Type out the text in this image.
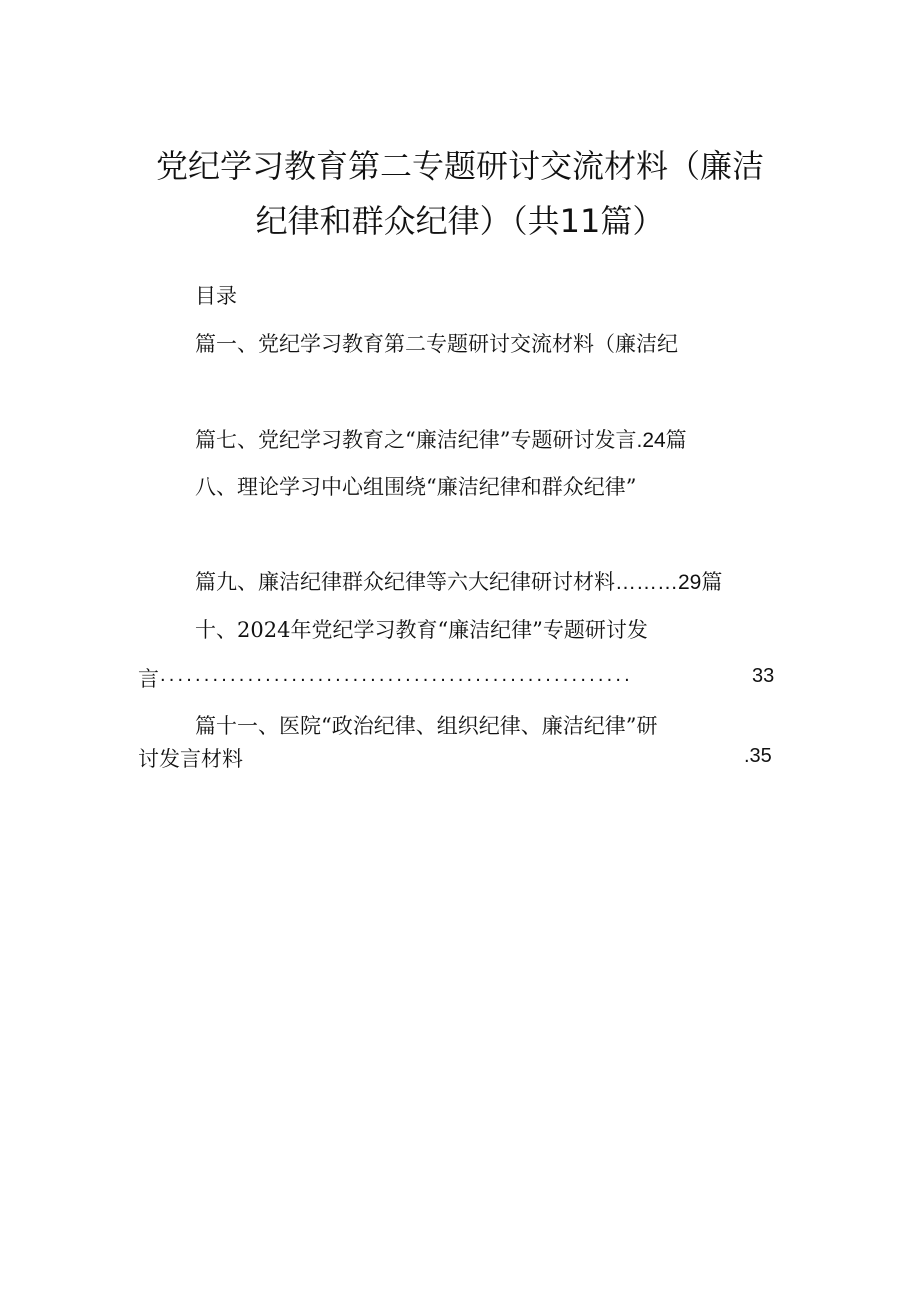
党纪学习教育第二专题研讨交流材料（廉洁
纪律和群众纪律）（共11篇）
目录
篇一、党纪学习教育第二专题研讨交流材料（廉洁纪
篇七、党纪学习教育之“廉洁纪律”专题研讨发言.24篇
八、理论学习中心组围绕“廉洁纪律和群众纪律”
篇九、廉洁纪律群众纪律等六大纪律研讨材料………29篇
十、2024年党纪学习教育“廉洁纪律”专题研讨发
言 ......................................................	33
篇十一、医院“政治纪律、组织纪律、廉洁纪律”研
讨发言材料	.35
